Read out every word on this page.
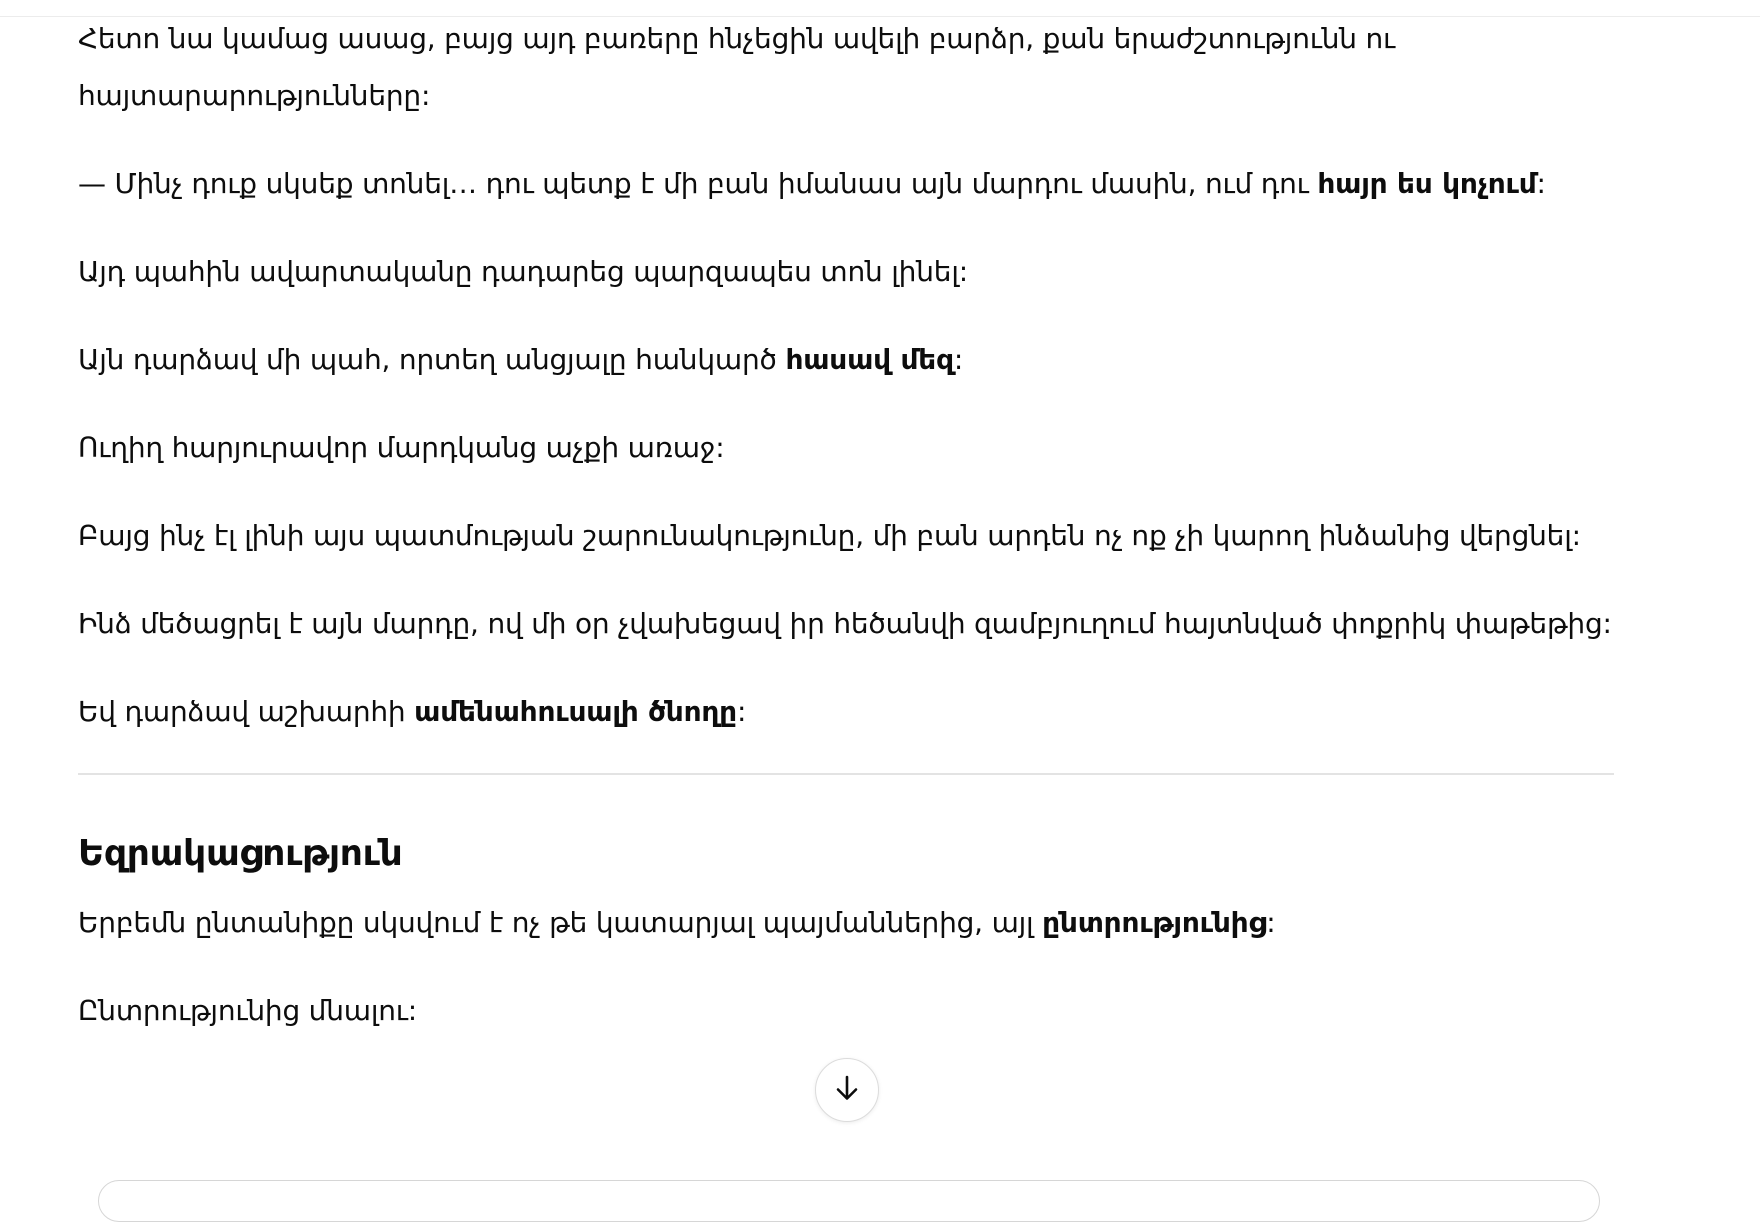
Հետո նա կամաց ասաց, բայց այդ բառերը հնչեցին ավելի բարձր, քան երաժշտությունն ու հայտարարությունները:

— Մինչ դուք սկսեք տոնել… դու պետք է մի բան իմանաս այն մարդու մասին, ում դու հայր ես կոչում:

Այդ պահին ավարտականը դադարեց պարզապես տոն լինել:

Այն դարձավ մի պահ, որտեղ անցյալը հանկարծ հասավ մեզ:

Ուղիղ հարյուրավոր մարդկանց աչքի առաջ:

Բայց ինչ էլ լինի այս պատմության շարունակությունը, մի բան արդեն ոչ ոք չի կարող ինձանից վերցնել:

Ինձ մեծացրել է այն մարդը, ով մի օր չվախեցավ իր հեծանվի զամբյուղում հայտնված փոքրիկ փաթեթից:

Եվ դարձավ աշխարհի ամենահուսալի ծնողը:

Եզրակացություն

Երբեմն ընտանիքը սկսվում է ոչ թե կատարյալ պայմաններից, այլ ընտրությունից:

Ընտրությունից մնալու:
